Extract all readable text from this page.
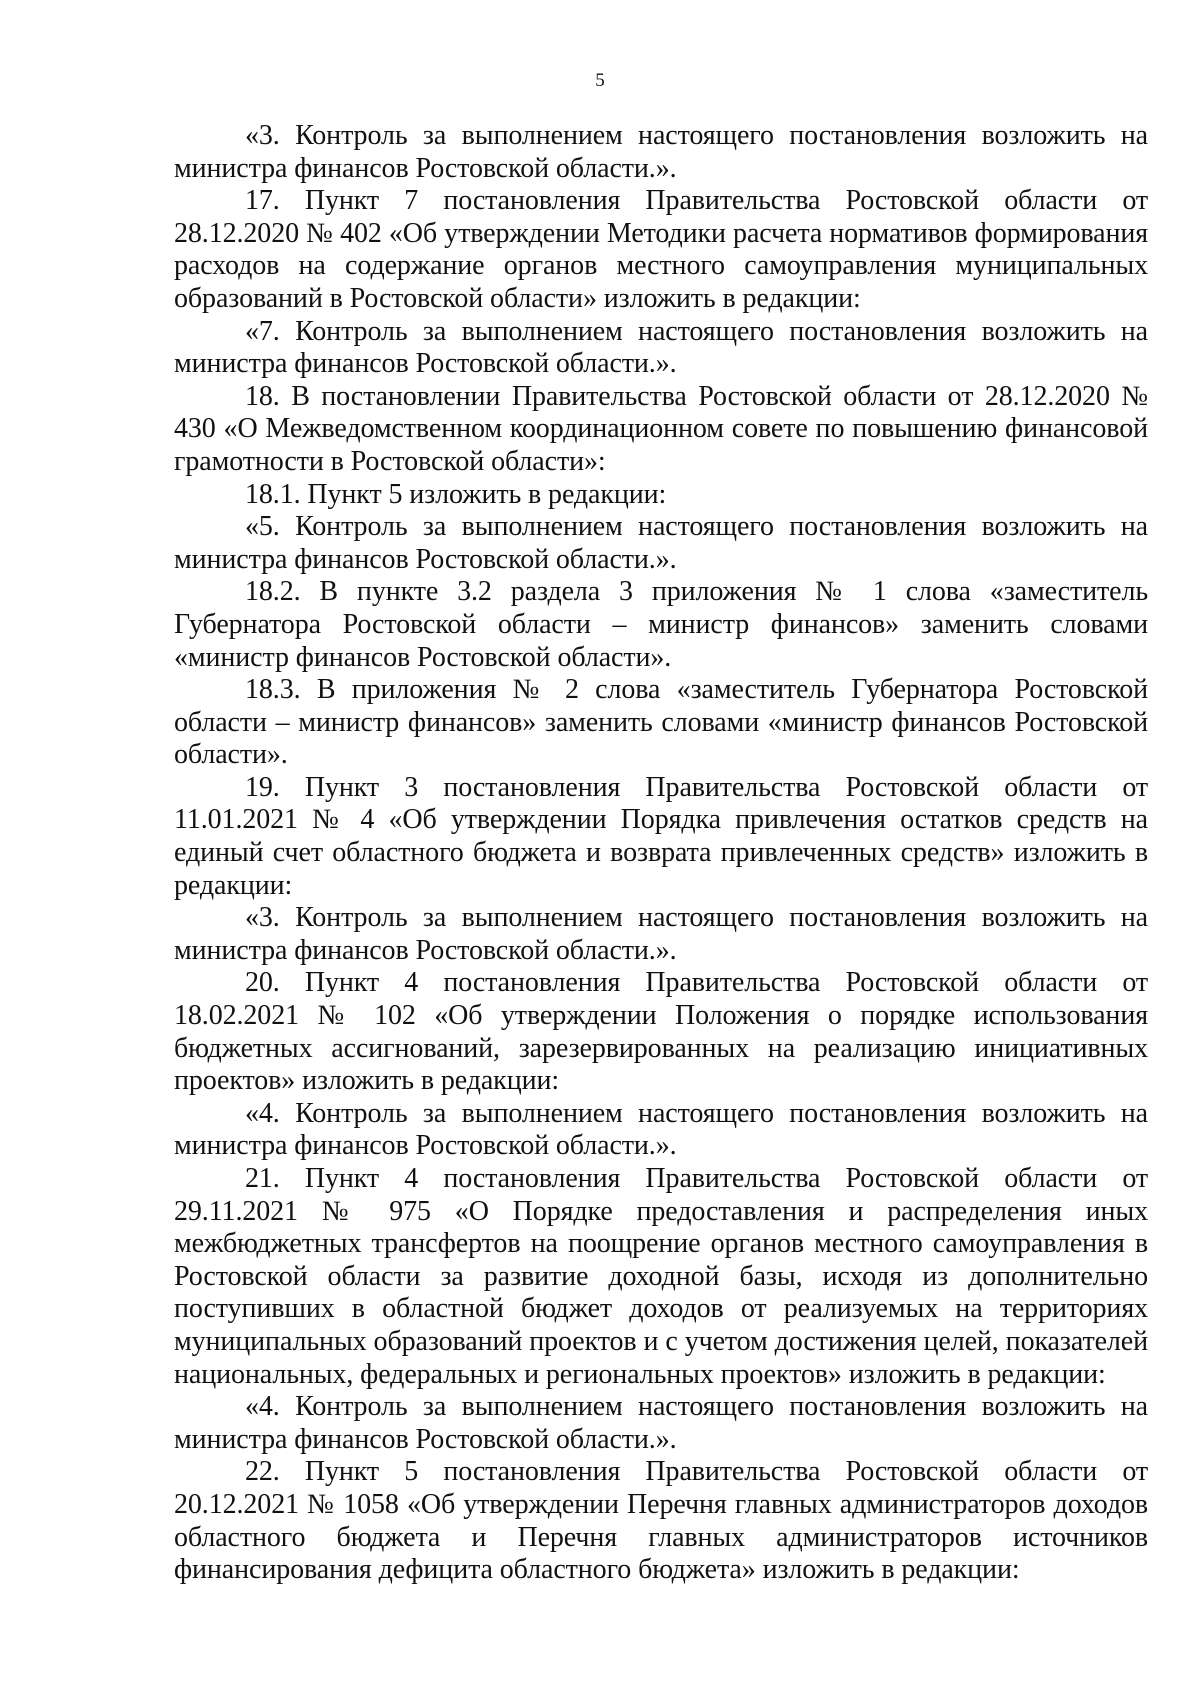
5

«3. Контроль за выполнением настоящего постановления возложить на министра финансов Ростовской области.».

17. Пункт 7 постановления Правительства Ростовской области от 28.12.2020 № 402 «Об утверждении Методики расчета нормативов формирования расходов на содержание органов местного самоуправления муниципальных образований в Ростовской области» изложить в редакции:

«7. Контроль за выполнением настоящего постановления возложить на министра финансов Ростовской области.».

18. В постановлении Правительства Ростовской области от 28.12.2020 № 430 «О Межведомственном координационном совете по повышению финансовой грамотности в Ростовской области»:

18.1. Пункт 5 изложить в редакции:

«5. Контроль за выполнением настоящего постановления возложить на министра финансов Ростовской области.».

18.2. В пункте 3.2 раздела 3 приложения № 1 слова «заместитель Губернатора Ростовской области – министр финансов» заменить словами «министр финансов Ростовской области».

18.3. В приложения № 2 слова «заместитель Губернатора Ростовской области – министр финансов» заменить словами «министр финансов Ростовской области».

19. Пункт 3 постановления Правительства Ростовской области от 11.01.2021 № 4 «Об утверждении Порядка привлечения остатков средств на единый счет областного бюджета и возврата привлеченных средств» изложить в редакции:

«3. Контроль за выполнением настоящего постановления возложить на министра финансов Ростовской области.».

20. Пункт 4 постановления Правительства Ростовской области от 18.02.2021 № 102 «Об утверждении Положения о порядке использования бюджетных ассигнований, зарезервированных на реализацию инициативных проектов» изложить в редакции:

«4. Контроль за выполнением настоящего постановления возложить на министра финансов Ростовской области.».

21. Пункт 4 постановления Правительства Ростовской области от 29.11.2021 № 975 «О Порядке предоставления и распределения иных межбюджетных трансфертов на поощрение органов местного самоуправления в Ростовской области за развитие доходной базы, исходя из дополнительно поступивших в областной бюджет доходов от реализуемых на территориях муниципальных образований проектов и с учетом достижения целей, показателей национальных, федеральных и региональных проектов» изложить в редакции:

«4. Контроль за выполнением настоящего постановления возложить на министра финансов Ростовской области.».

22. Пункт 5 постановления Правительства Ростовской области от 20.12.2021 № 1058 «Об утверждении Перечня главных администраторов доходов областного бюджета и Перечня главных администраторов источников финансирования дефицита областного бюджета» изложить в редакции:
